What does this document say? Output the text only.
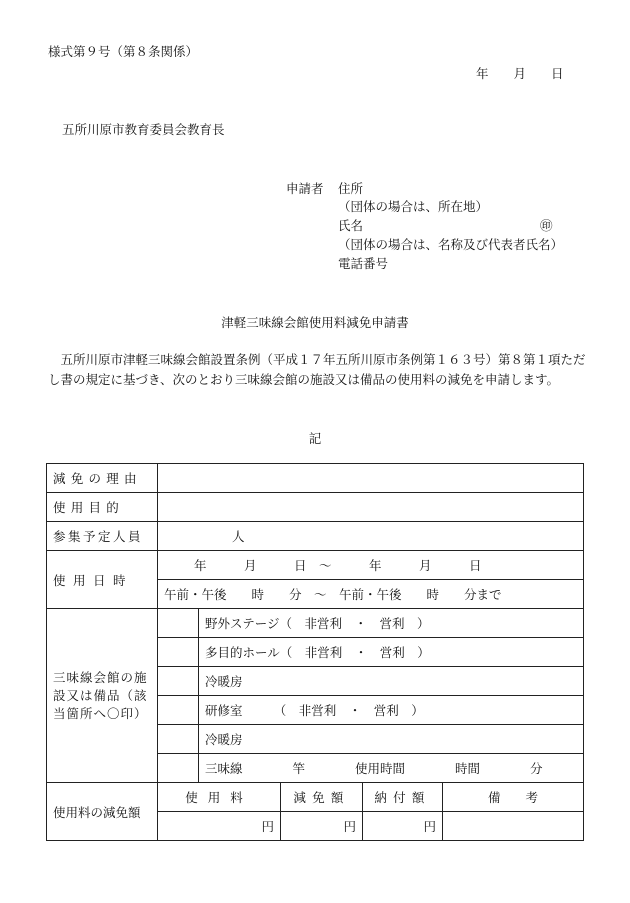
様式第９号（第８条関係）
年　　月　　日
五所川原市教育委員会教育長
申請者 住所
（団体の場合は、所在地）
氏名	㊞
（団体の場合は、名称及び代表者氏名）
電話番号
津軽三味線会館使用料減免申請書
五所川原市津軽三味線会館設置条例（平成１７年五所川原市条例第１６３号）第８第１項ただし書の規定に基づき、次のとおり三味線会館の施設又は備品の使用料の減免を申請します。
記
減免の理由					
使用目的					
参集予定人員	人				
使用日時	年　　　月　　　日　～　　　年　　　月　　　日				
	午前・午後　　時　　分　～　午前・午後　　時　　分まで				
三味線会館の施設又は備品（該当箇所へ〇印）		野外ステージ（　非営利　・　営利　）			
		多目的ホール（　非営利　・　営利　）			
		冷暖房			
		研修室　　　（　非営利　・　営利　）			
		冷暖房			
		三味線　　　　竿　　　　使用時間　　　　時間　　　　分			
使用料の減免額	使用料		減免額	納付額	備　　考
	円		円	円	
